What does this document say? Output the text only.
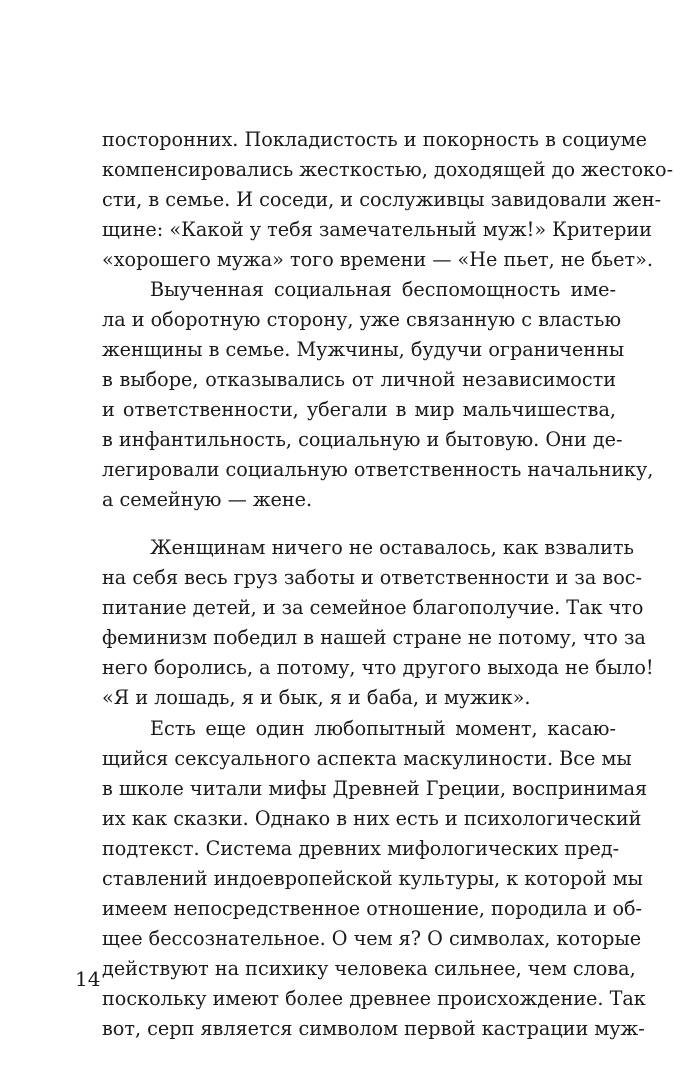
посторонних. Покладистость и покорность в социуме
компенсировались жесткостью, доходящей до жестоко-
сти, в семье. И соседи, и сослуживцы завидовали жен-
щине: «Какой у тебя замечательный муж!» Критерии
«хорошего мужа» того времени — «Не пьет, не бьет».
Выученная социальная беспомощность име-
ла и оборотную сторону, уже связанную с властью
женщины в семье. Мужчины, будучи ограниченны
в выборе, отказывались от личной независимости
и ответственности, убегали в мир мальчишества,
в инфантильность, социальную и бытовую. Они де-
легировали социальную ответственность начальнику,
а семейную — жене.
Женщинам ничего не оставалось, как взвалить
на себя весь груз заботы и ответственности и за вос-
питание детей, и за семейное благополучие. Так что
феминизм победил в нашей стране не потому, что за
него боролись, а потому, что другого выхода не было!
«Я и лошадь, я и бык, я и баба, и мужик».
Есть еще один любопытный момент, касаю-
щийся сексуального аспекта маскулиности. Все мы
в школе читали мифы Древней Греции, воспринимая
их как сказки. Однако в них есть и психологический
подтекст. Система древних мифологических пред-
ставлений индоевропейской культуры, к которой мы
имеем непосредственное отношение, породила и об-
щее бессознательное. О чем я? О символах, которые
действуют на психику человека сильнее, чем слова,
поскольку имеют более древнее происхождение. Так
вот, серп является символом первой кастрации муж-
14
